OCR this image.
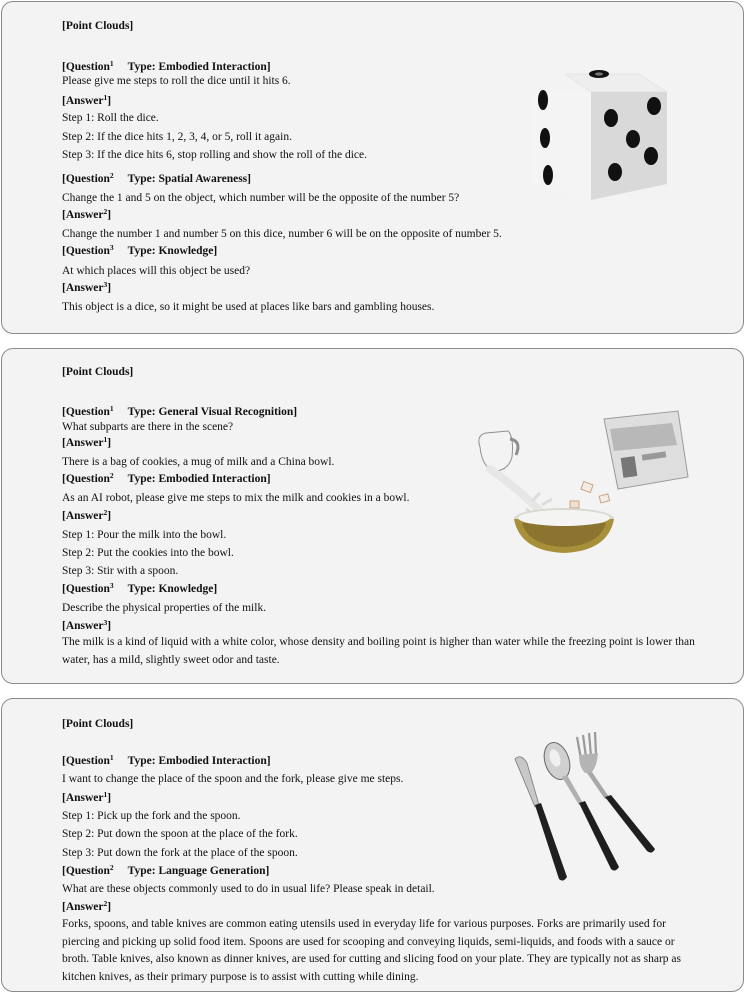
[Point Clouds]
[Question$^1$ Type: Embodied Interaction]
Please give me steps to roll the dice until it hits 6.
[Answer$^1$]
Step 1: Roll the dice.
Step 2: If the dice hits 1, 2, 3, 4, or 5, roll it again.
Step 3: If the dice hits 6, stop rolling and show the roll of the dice.
[Question$^2$ Type: Spatial Awareness]
Change the 1 and 5 on the object, which number will be the opposite of the number 5?
[Answer$^2$]
Change the number 1 and number 5 on this dice, number 6 will be on the opposite of number 5.
[Question$^3$ Type: Knowledge]
At which places will this object be used?
[Answer$^3$]
This object is a dice, so it might be used at places like bars and gambling houses.
[Point Clouds]
[Question$^1$ Type: General Visual Recognition]
What subparts are there in the scene?
[Answer$^1$]
There is a bag of cookies, a mug of milk and a China bowl.
[Question$^2$ Type: Embodied Interaction]
As an AI robot, please give me steps to mix the milk and cookies in a bowl.
[Answer$^2$]
Step 1: Pour the milk into the bowl.
Step 2: Put the cookies into the bowl.
Step 3: Stir with a spoon.
[Question$^3$ Type: Knowledge]
Describe the physical properties of the milk.
[Answer$^3$]
The milk is a kind of liquid with a white color, whose density and boiling point is higher than water while the freezing point is lower than water, has a mild, slightly sweet odor and taste.
[Point Clouds]
[Question$^1$ Type: Embodied Interaction]
I want to change the place of the spoon and the fork, please give me steps.
[Answer$^1$]
Step 1: Pick up the fork and the spoon.
Step 2: Put down the spoon at the place of the fork.
Step 3: Put down the fork at the place of the spoon.
[Question$^2$ Type: Language Generation]
What are these objects commonly used to do in usual life? Please speak in detail.
[Answer$^2$]
Forks, spoons, and table knives are common eating utensils used in everyday life for various purposes. Forks are primarily used for piercing and picking up solid food item. Spoons are used for scooping and conveying liquids, semi-liquids, and foods with a sauce or broth. Table knives, also known as dinner knives, are used for cutting and slicing food on your plate. They are typically not as sharp as kitchen knives, as their primary purpose is to assist with cutting while dining.
